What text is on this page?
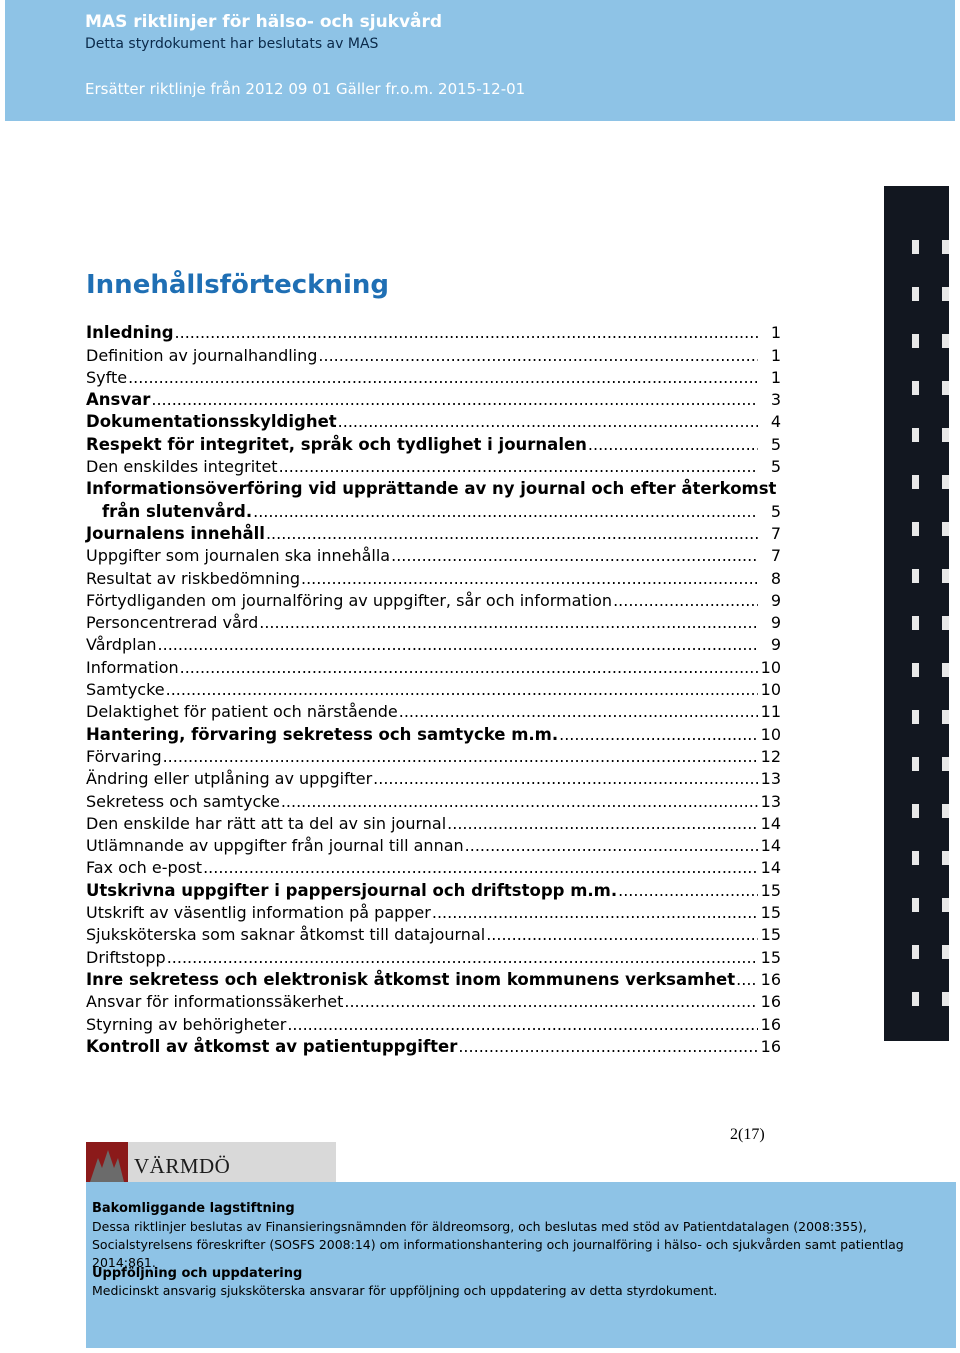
MAS riktlinjer för hälso- och sjukvård
Detta styrdokument har beslutats av MAS
Ersätter riktlinje från 2012 09 01 Gäller fr.o.m. 2015-12-01
Innehållsförteckning
Inledning .....	1
Definition av journalhandling .....	1
Syfte .....	1
Ansvar .....	3
Dokumentationsskyldighet .....	4
Respekt för integritet, språk och tydlighet i journalen .....	5
Den enskildes integritet .....	5
Informationsöverföring vid upprättande av ny journal och efter återkomst
från slutenvård. .....	5
Journalens innehåll .....	7
Uppgifter som journalen ska innehålla .....	7
Resultat av riskbedömning .....	8
Förtydliganden om journalföring av uppgifter, sår och information .....	9
Personcentrerad vård .....	9
Vårdplan .....	9
Information .....	10
Samtycke .....	10
Delaktighet för patient och närstående .....	11
Hantering, förvaring sekretess och samtycke m.m. .....	10
Förvaring .....	12
Ändring eller utplåning av uppgifter .....	13
Sekretess och samtycke .....	13
Den enskilde har rätt att ta del av sin journal .....	14
Utlämnande av uppgifter från journal till annan .....	14
Fax och e-post .....	14
Utskrivna uppgifter i pappersjournal och driftstopp m.m. .....	15
Utskrift av väsentlig information på papper .....	15
Sjuksköterska som saknar åtkomst till datajournal .....	15
Driftstopp .....	15
Inre sekretess och elektronisk åtkomst inom kommunens verksamhet ..... 16
Ansvar för informationssäkerhet .....	16
Styrning av behörigheter .....	16
Kontroll av åtkomst av patientuppgifter .....	16
2(17)
VÄRMDÖ
Bakomliggande lagstiftning
Dessa riktlinjer beslutas av Finansieringsnämnden för äldreomsorg, och beslutas med stöd av Patientdatalagen (2008:355), Socialstyrelsens föreskrifter (SOSFS 2008:14) om informationshantering och journalföring i hälso- och sjukvården samt patientlag 2014:861.
Uppföljning och uppdatering
Medicinskt ansvarig sjuksköterska ansvarar för uppföljning och uppdatering av detta styrdokument.
